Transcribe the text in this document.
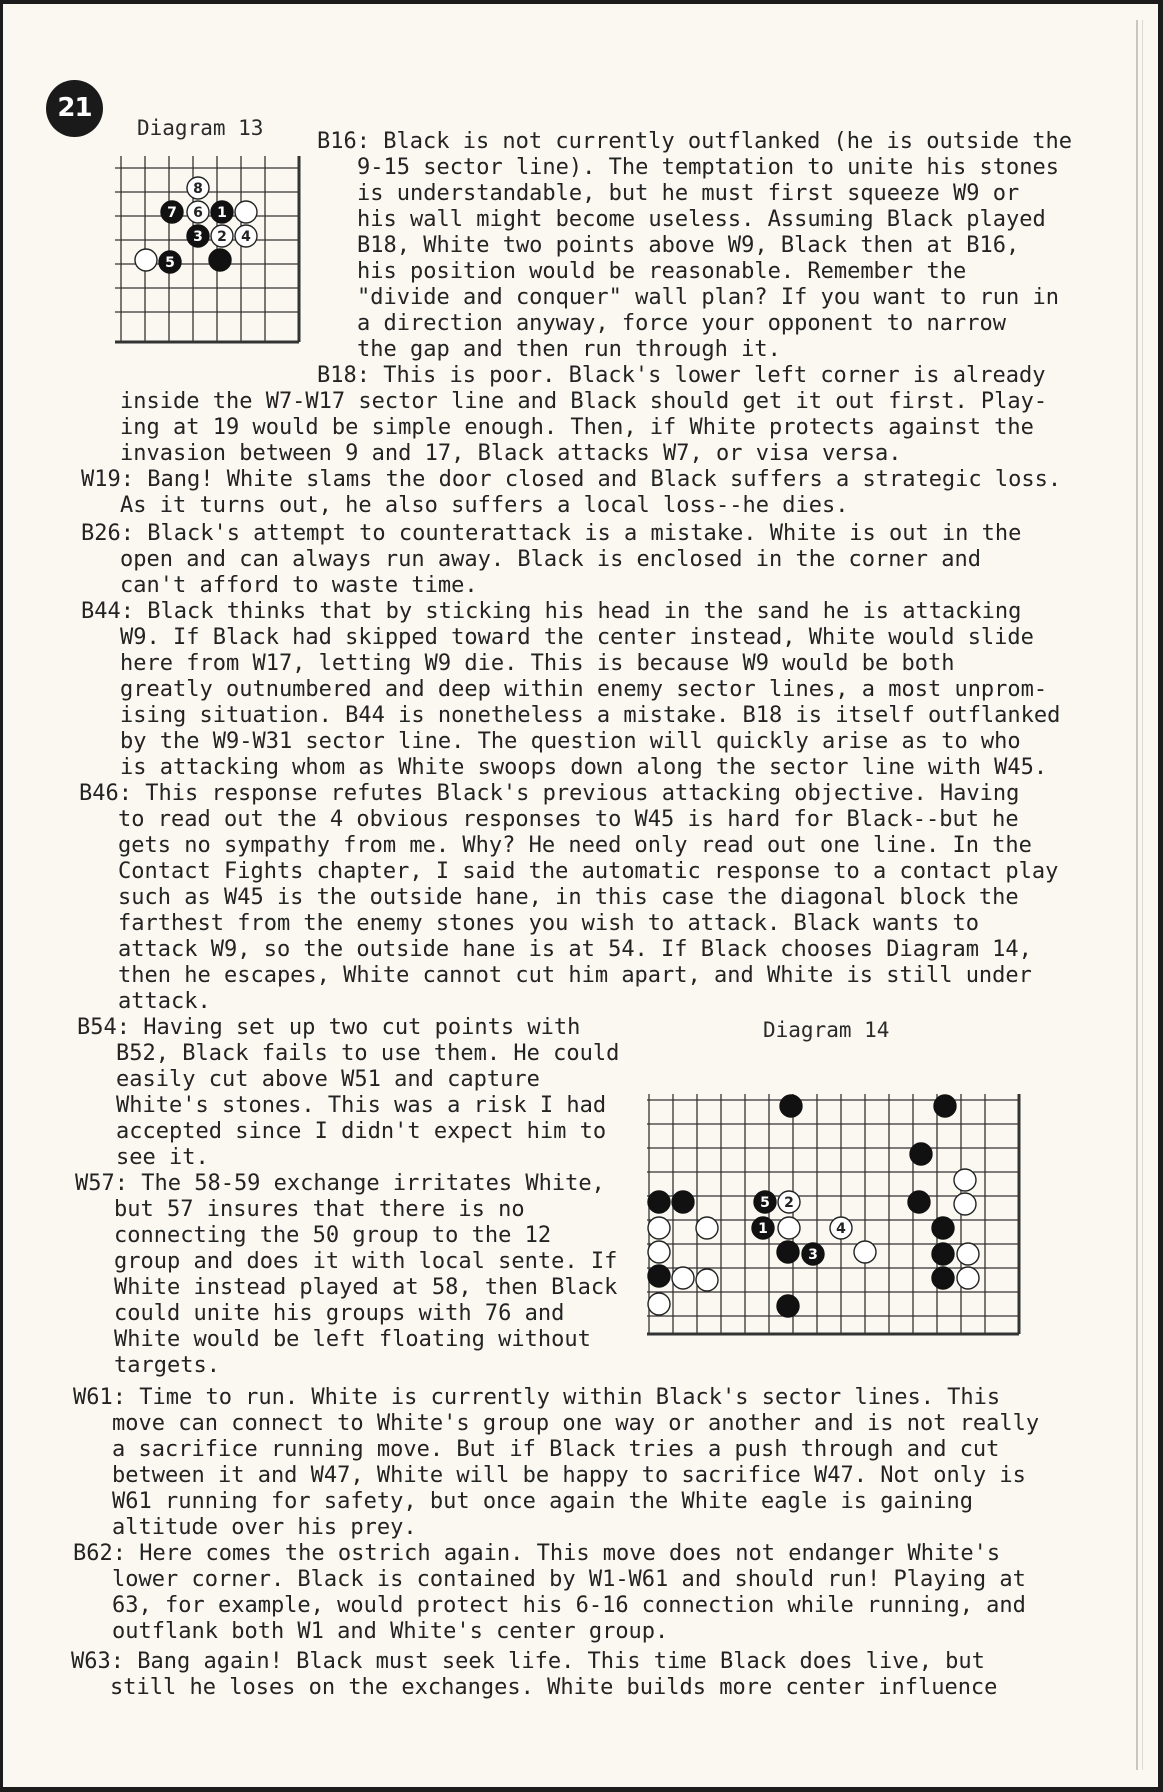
21
Diagram 13
Diagram 14
8
7 6 1
3 2 4
5
5 2
1	4
3
B16: Black is not currently outflanked (he is outside the
9-15 sector line). The temptation to unite his stones
is understandable, but he must first squeeze W9 or
his wall might become useless. Assuming Black played
B18, White two points above W9, Black then at B16,
his position would be reasonable. Remember the
"divide and conquer" wall plan? If you want to run in
a direction anyway, force your opponent to narrow
the gap and then run through it.
B18: This is poor. Black's lower left corner is already
inside the W7-W17 sector line and Black should get it out first. Play-
ing at 19 would be simple enough. Then, if White protects against the
invasion between 9 and 17, Black attacks W7, or visa versa.
W19: Bang! White slams the door closed and Black suffers a strategic loss.
As it turns out, he also suffers a local loss--he dies.
B26: Black's attempt to counterattack is a mistake. White is out in the
open and can always run away. Black is enclosed in the corner and
can't afford to waste time.
B44: Black thinks that by sticking his head in the sand he is attacking
W9. If Black had skipped toward the center instead, White would slide
here from W17, letting W9 die. This is because W9 would be both
greatly outnumbered and deep within enemy sector lines, a most unprom-
ising situation. B44 is nonetheless a mistake. B18 is itself outflanked
by the W9-W31 sector line. The question will quickly arise as to who
is attacking whom as White swoops down along the sector line with W45.
B46: This response refutes Black's previous attacking objective. Having
to read out the 4 obvious responses to W45 is hard for Black--but he
gets no sympathy from me. Why? He need only read out one line. In the
Contact Fights chapter, I said the automatic response to a contact play
such as W45 is the outside hane, in this case the diagonal block the
farthest from the enemy stones you wish to attack. Black wants to
attack W9, so the outside hane is at 54. If Black chooses Diagram 14,
then he escapes, White cannot cut him apart, and White is still under
attack.
B54: Having set up two cut points with
B52, Black fails to use them. He could
easily cut above W51 and capture
White's stones. This was a risk I had
accepted since I didn't expect him to
see it.
W57: The 58-59 exchange irritates White,
but 57 insures that there is no
connecting the 50 group to the 12
group and does it with local sente. If
White instead played at 58, then Black
could unite his groups with 76 and
White would be left floating without
targets.
W61: Time to run. White is currently within Black's sector lines. This
move can connect to White's group one way or another and is not really
a sacrifice running move. But if Black tries a push through and cut
between it and W47, White will be happy to sacrifice W47. Not only is
W61 running for safety, but once again the White eagle is gaining
altitude over his prey.
B62: Here comes the ostrich again. This move does not endanger White's
lower corner. Black is contained by W1-W61 and should run! Playing at
63, for example, would protect his 6-16 connection while running, and
outflank both W1 and White's center group.
W63: Bang again! Black must seek life. This time Black does live, but
still he loses on the exchanges. White builds more center influence
